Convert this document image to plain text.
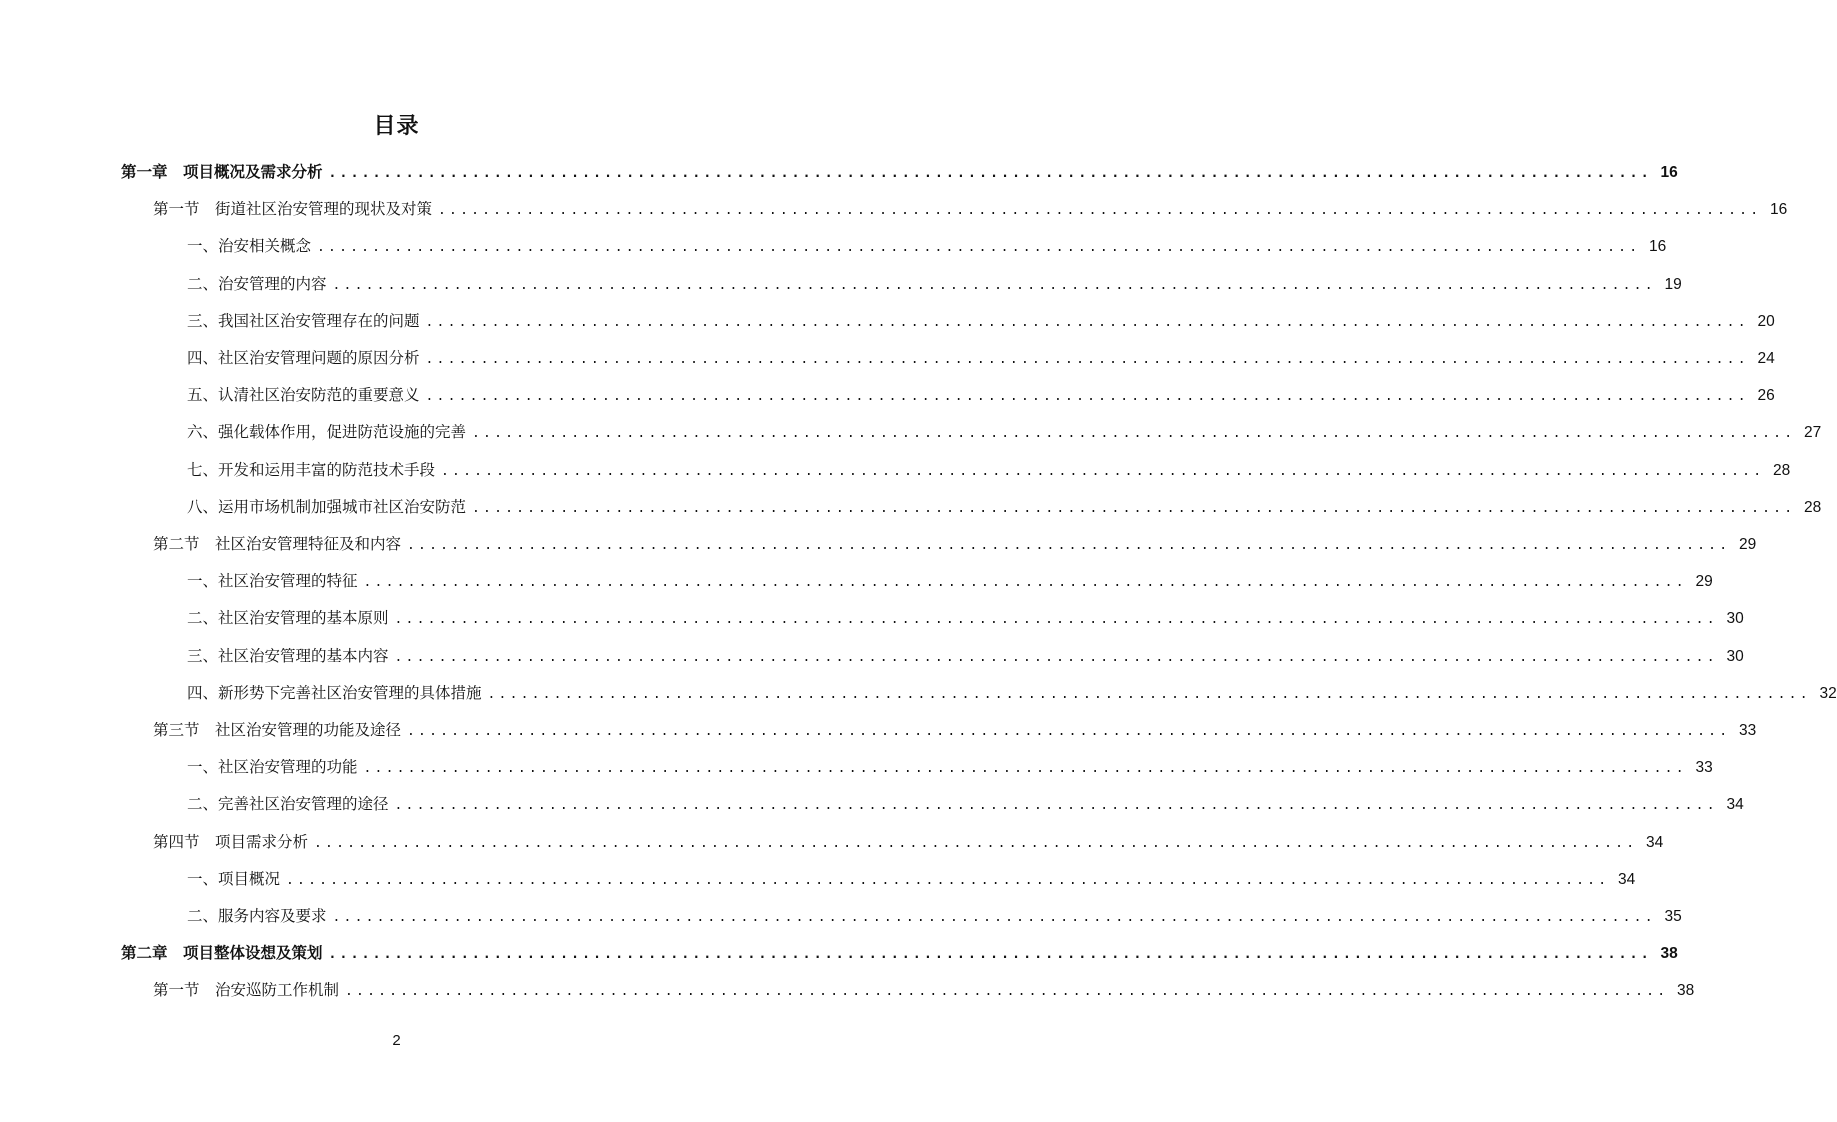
目录
第一章　项目概况及需求分析 ........................................................................................................................ 16
第一节　街道社区治安管理的现状及对策 ........................................................................................................................ 16
一、治安相关概念 ........................................................................................................................ 16
二、治安管理的内容 ........................................................................................................................ 19
三、我国社区治安管理存在的问题 ........................................................................................................................ 20
四、社区治安管理问题的原因分析 ........................................................................................................................ 24
五、认清社区治安防范的重要意义 ........................................................................................................................ 26
六、强化载体作用，促进防范设施的完善 ........................................................................................................................ 27
七、开发和运用丰富的防范技术手段 ........................................................................................................................ 28
八、运用市场机制加强城市社区治安防范 ........................................................................................................................ 28
第二节　社区治安管理特征及和内容 ........................................................................................................................ 29
一、社区治安管理的特征 ........................................................................................................................ 29
二、社区治安管理的基本原则 ........................................................................................................................ 30
三、社区治安管理的基本内容 ........................................................................................................................ 30
四、新形势下完善社区治安管理的具体措施 ........................................................................................................................ 32
第三节　社区治安管理的功能及途径 ........................................................................................................................ 33
一、社区治安管理的功能 ........................................................................................................................ 33
二、完善社区治安管理的途径 ........................................................................................................................ 34
第四节　项目需求分析 ........................................................................................................................ 34
一、项目概况 ........................................................................................................................ 34
二、服务内容及要求 ........................................................................................................................ 35
第二章　项目整体设想及策划 ........................................................................................................................ 38
第一节　治安巡防工作机制 ........................................................................................................................ 38
2
